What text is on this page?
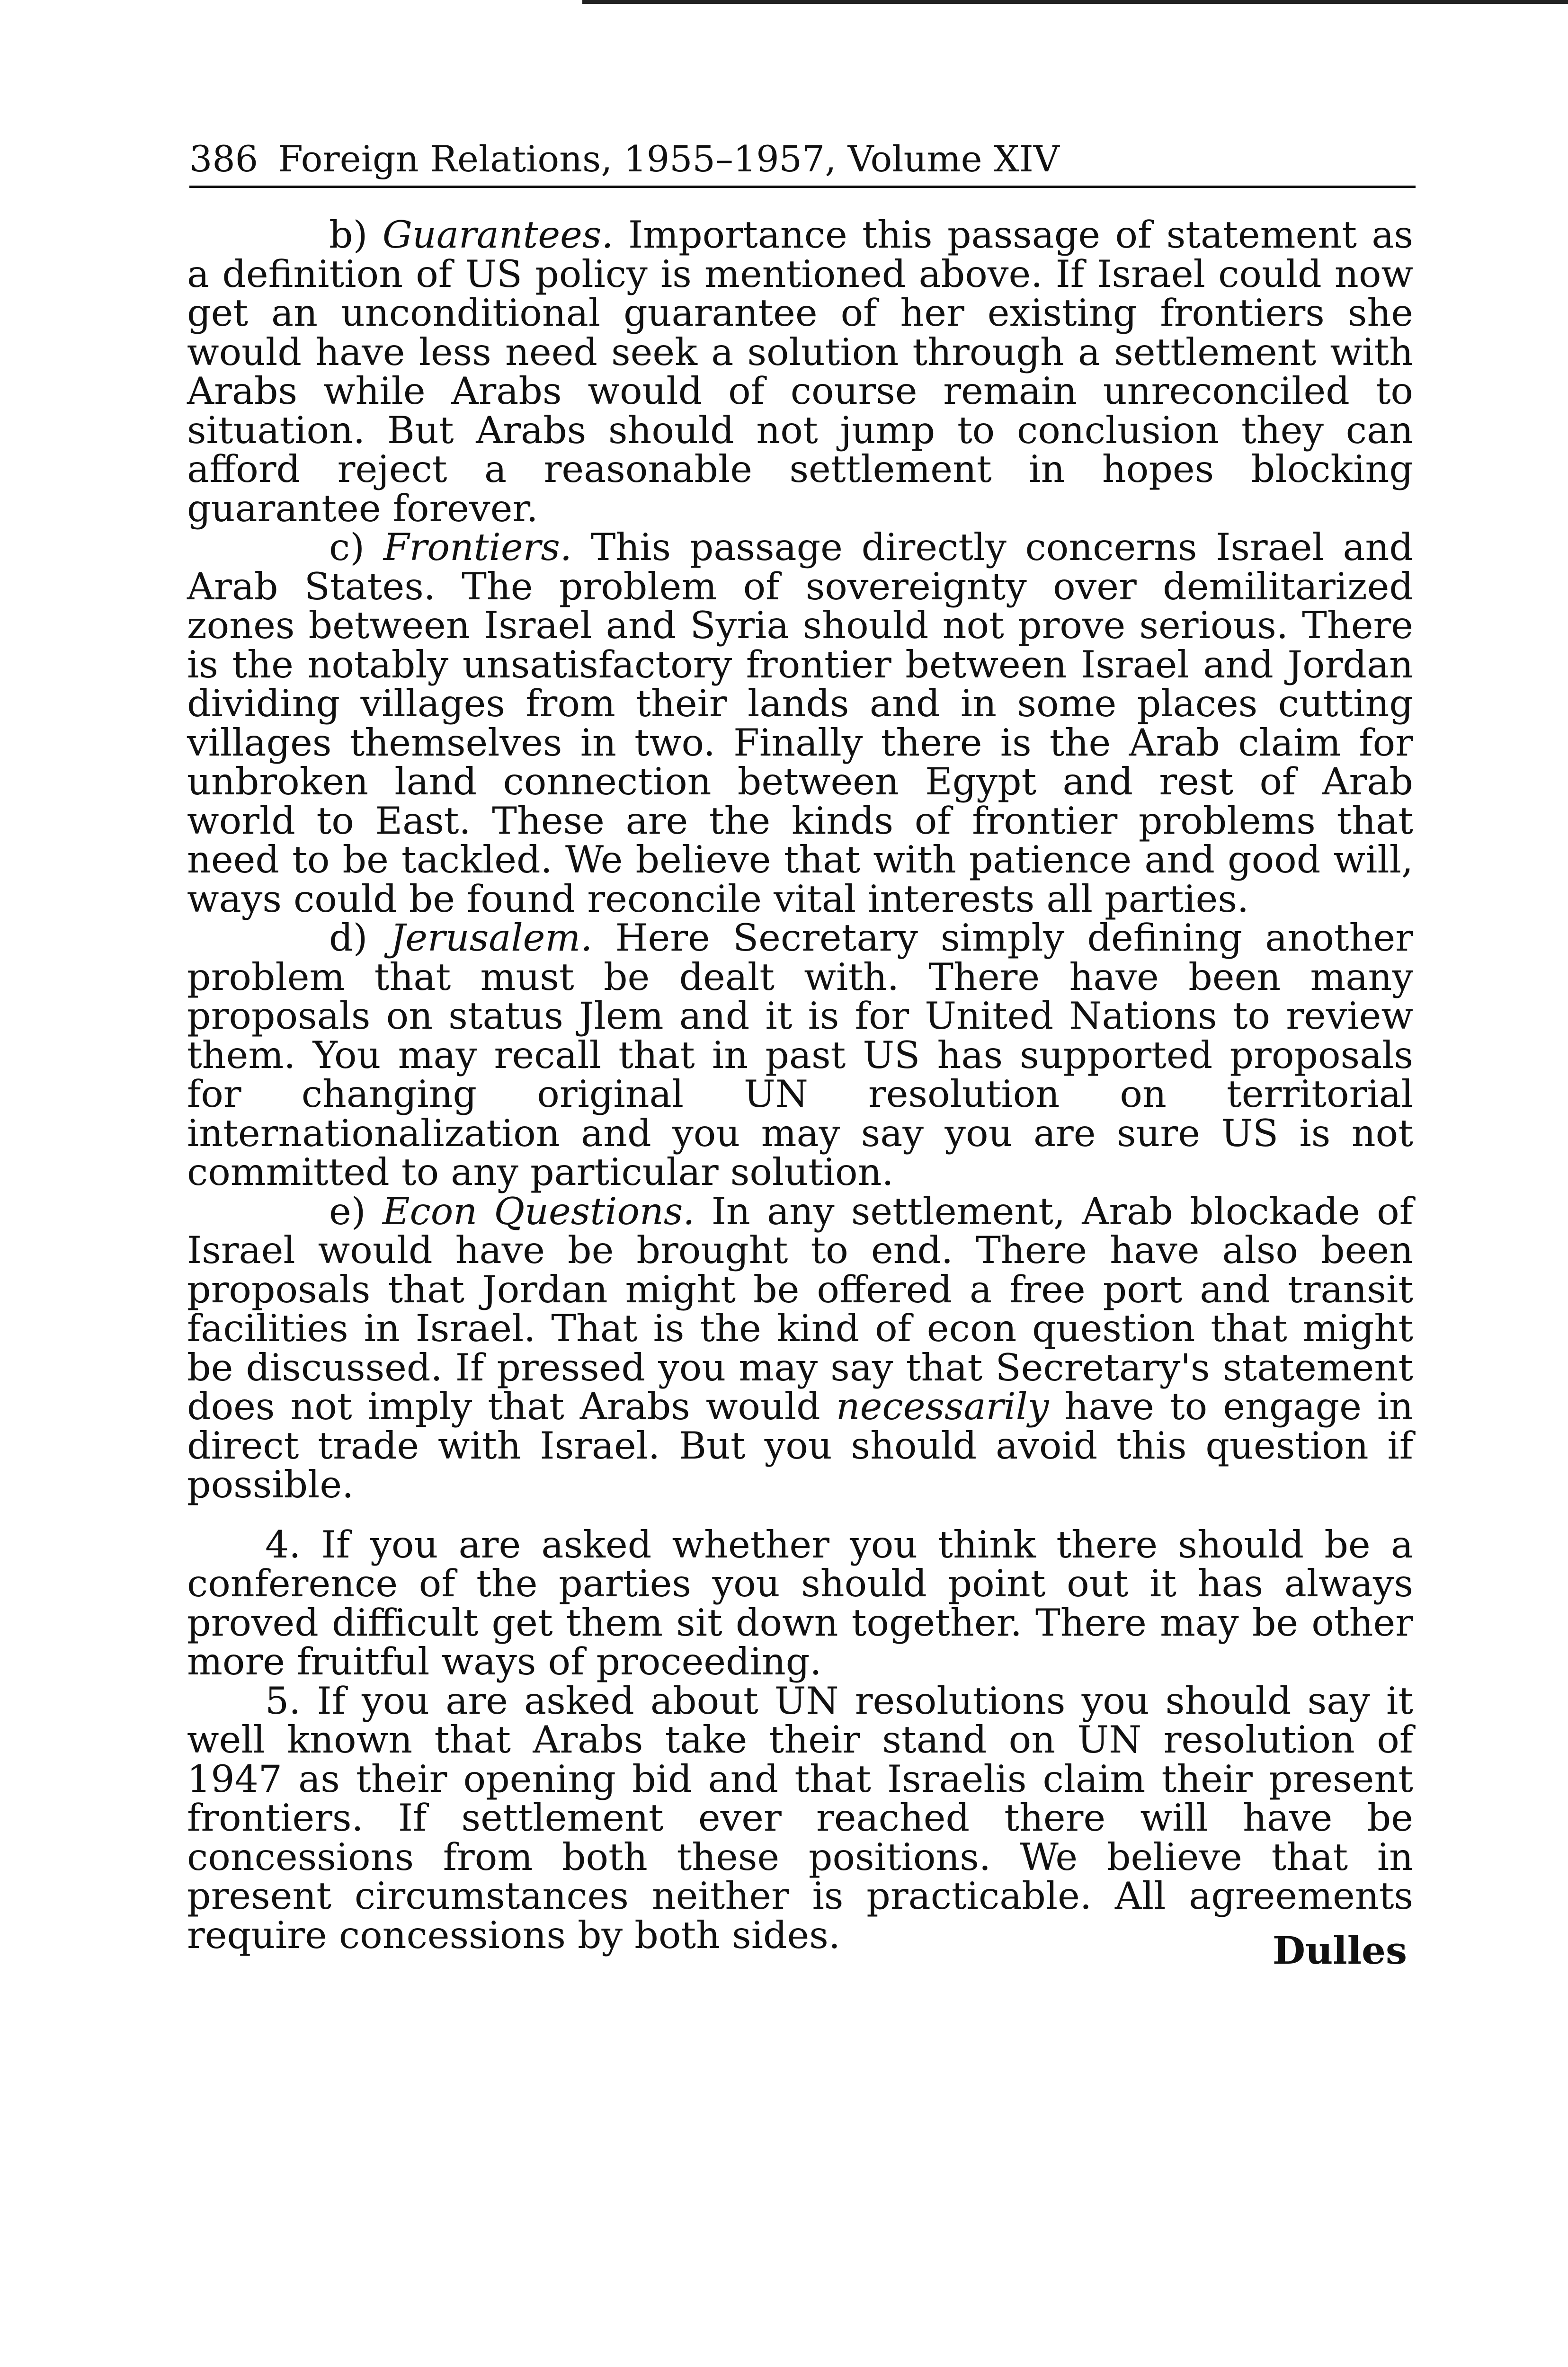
386 Foreign Relations, 1955–1957, Volume XIV

b) Guarantees. Importance this passage of statement as a definition of US policy is mentioned above. If Israel could now get an unconditional guarantee of her existing frontiers she would have less need seek a solution through a settlement with Arabs while Arabs would of course remain unreconciled to situation. But Arabs should not jump to conclusion they can afford reject a reasonable settlement in hopes blocking guarantee forever.

c) Frontiers. This passage directly concerns Israel and Arab States. The problem of sovereignty over demilitarized zones between Israel and Syria should not prove serious. There is the notably unsatisfactory frontier between Israel and Jordan dividing villages from their lands and in some places cutting villages themselves in two. Finally there is the Arab claim for unbroken land connection between Egypt and rest of Arab world to East. These are the kinds of frontier problems that need to be tackled. We believe that with patience and good will, ways could be found reconcile vital interests all parties.

d) Jerusalem. Here Secretary simply defining another problem that must be dealt with. There have been many proposals on status Jlem and it is for United Nations to review them. You may recall that in past US has supported proposals for changing original UN resolution on territorial internationalization and you may say you are sure US is not committed to any particular solution.

e) Econ Questions. In any settlement, Arab blockade of Israel would have be brought to end. There have also been proposals that Jordan might be offered a free port and transit facilities in Israel. That is the kind of econ question that might be discussed. If pressed you may say that Secretary's statement does not imply that Arabs would necessarily have to engage in direct trade with Israel. But you should avoid this question if possible.

4. If you are asked whether you think there should be a conference of the parties you should point out it has always proved difficult get them sit down together. There may be other more fruitful ways of proceeding.

5. If you are asked about UN resolutions you should say it well known that Arabs take their stand on UN resolution of 1947 as their opening bid and that Israelis claim their present frontiers. If settlement ever reached there will have be concessions from both these positions. We believe that in present circumstances neither is practicable. All agreements require concessions by both sides.	Dulles
